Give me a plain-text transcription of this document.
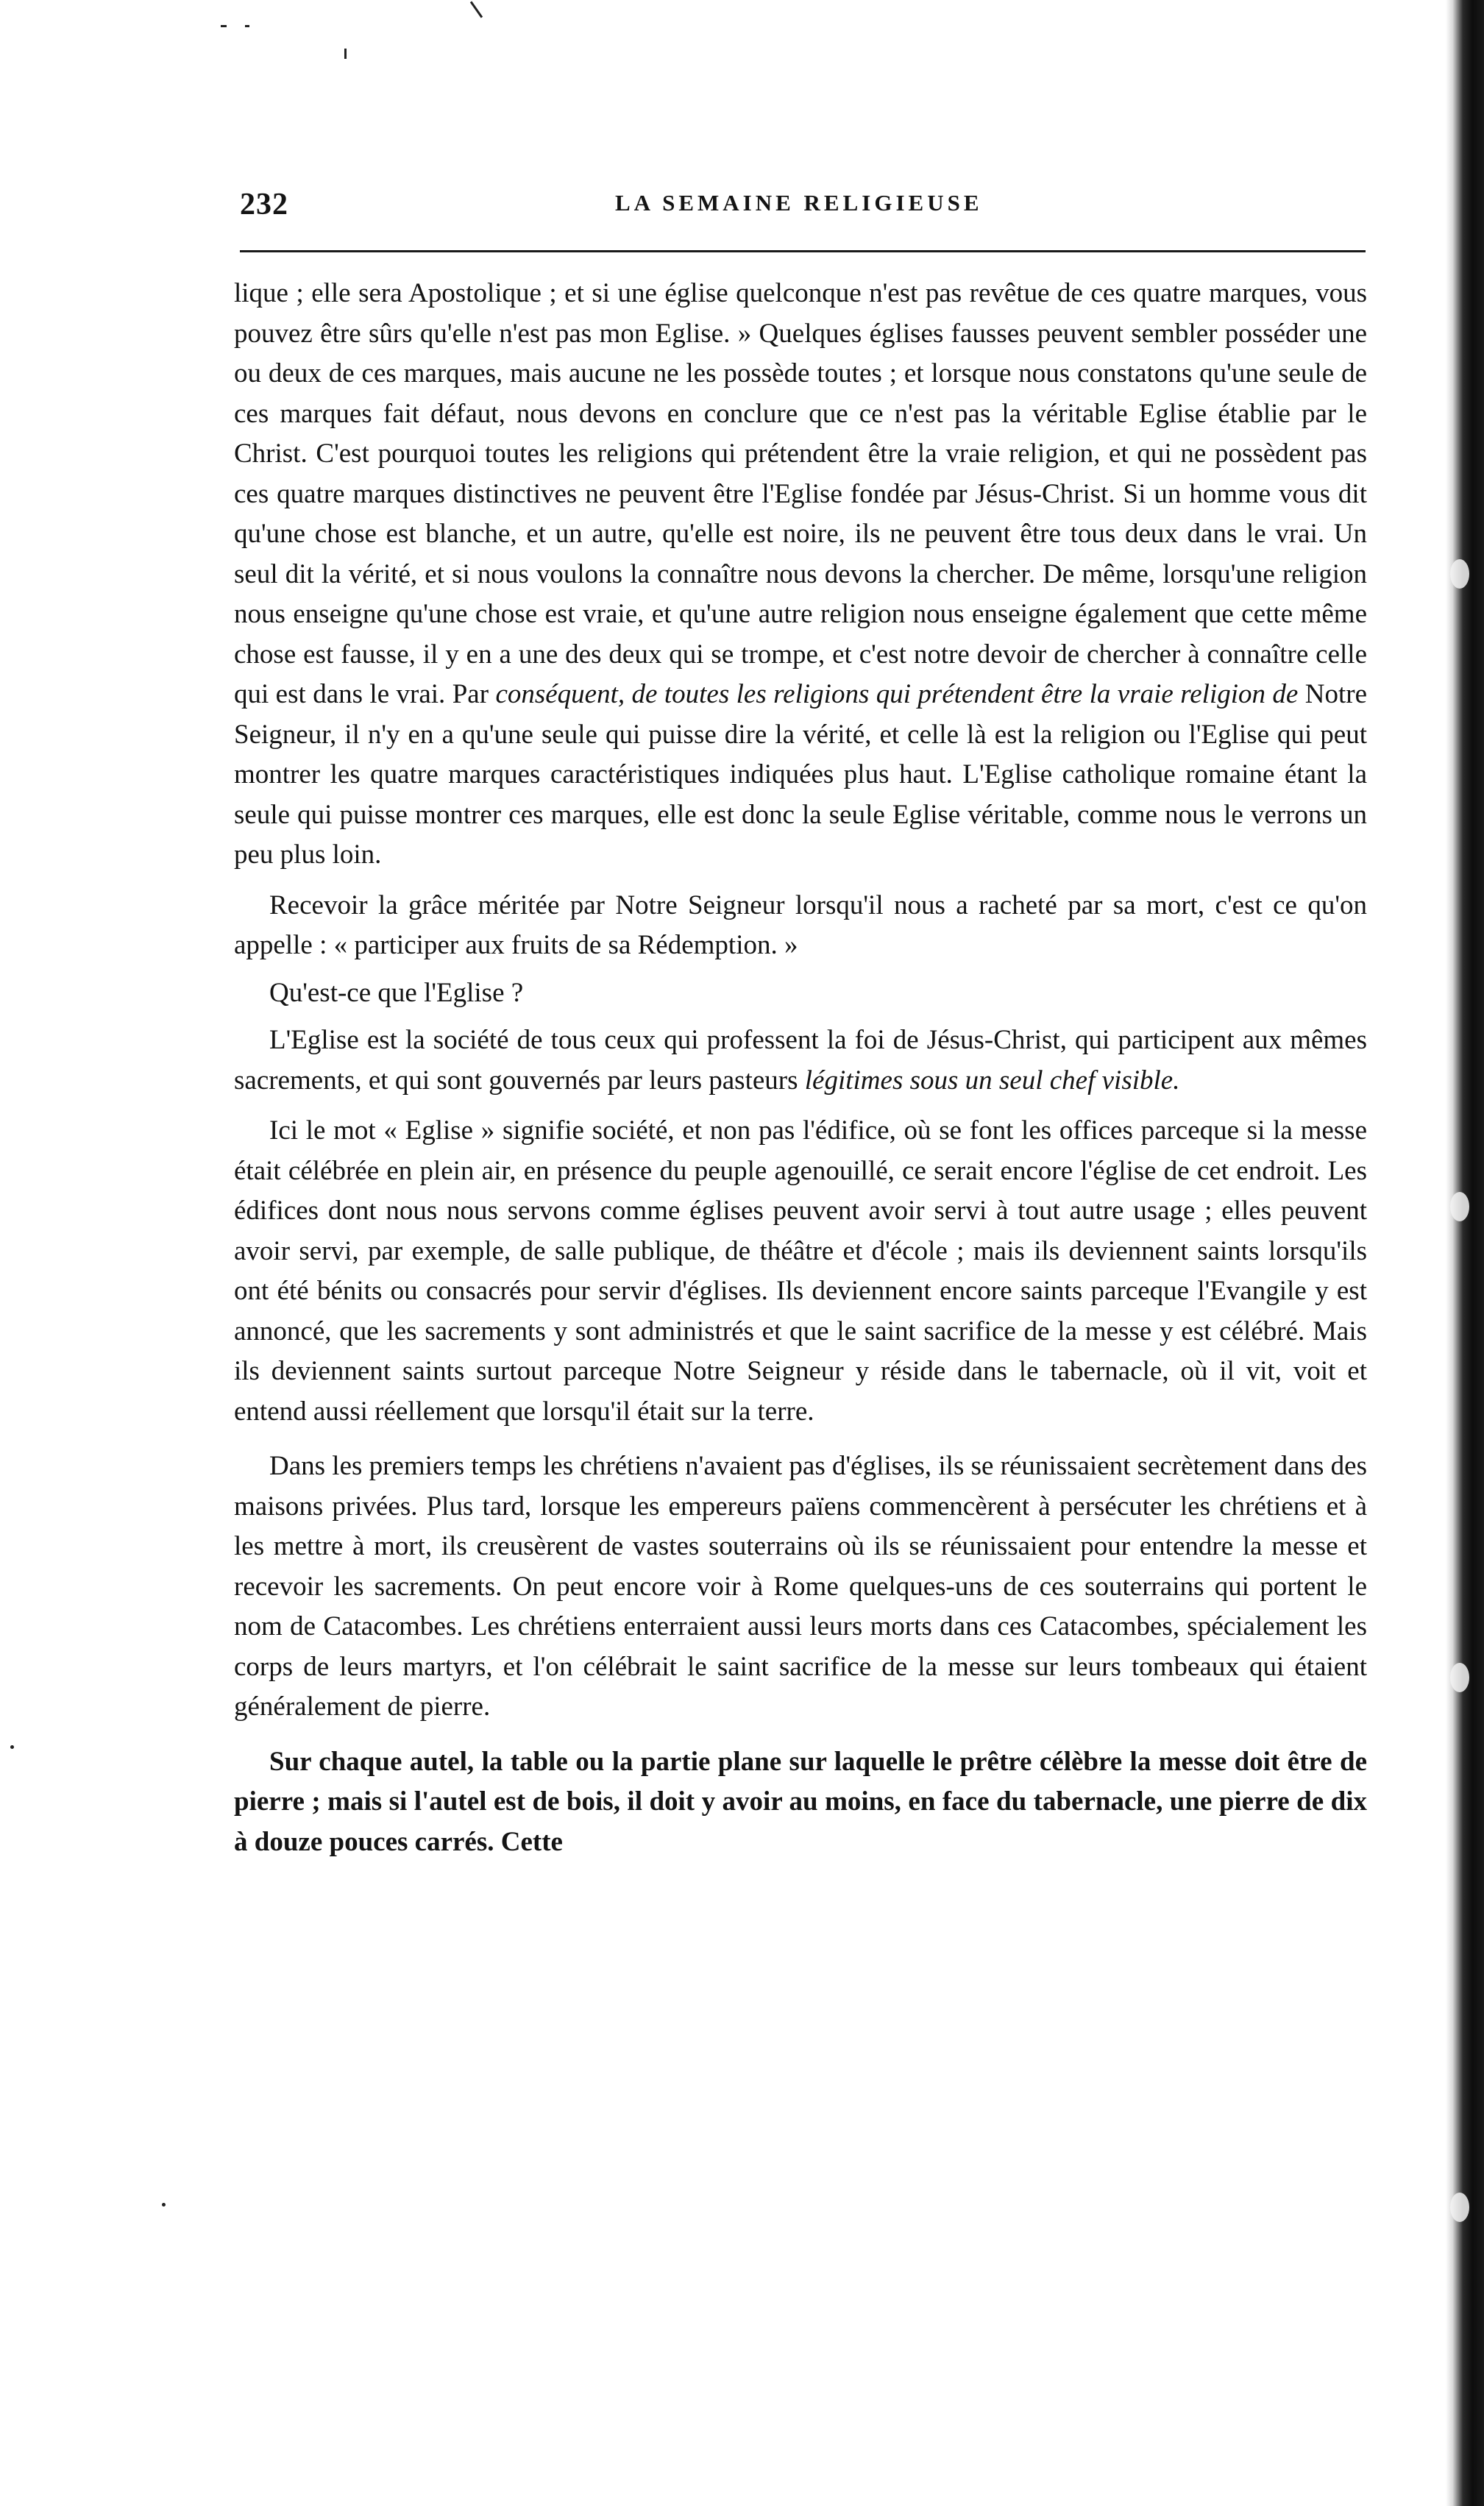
232	LA SEMAINE RELIGIEUSE

lique ; elle sera Apostolique ; et si une église quelconque n'est pas revêtue de ces quatre marques, vous pouvez être sûrs qu'elle n'est pas mon Eglise. » Quelques églises fausses peuvent sembler posséder une ou deux de ces marques, mais aucune ne les possède toutes ; et lorsque nous constatons qu'une seule de ces marques fait défaut, nous devons en conclure que ce n'est pas la véritable Eglise établie par le Christ. C'est pourquoi toutes les religions qui prétendent être la vraie religion, et qui ne possèdent pas ces quatre marques distinctives ne peuvent être l'Eglise fondée par Jésus-Christ. Si un homme vous dit qu'une chose est blanche, et un autre, qu'elle est noire, ils ne peuvent être tous deux dans le vrai. Un seul dit la vérité, et si nous voulons la connaître nous devons la chercher. De même, lorsqu'une religion nous enseigne qu'une chose est vraie, et qu'une autre religion nous enseigne également que cette même chose est fausse, il y en a une des deux qui se trompe, et c'est notre devoir de chercher à connaître celle qui est dans le vrai. Par conséquent, de toutes les religions qui prétendent être la vraie religion de Notre Seigneur, il n'y en a qu'une seule qui puisse dire la vérité, et celle là est la religion ou l'Eglise qui peut montrer les quatre marques caractéristiques indiquées plus haut. L'Eglise catholique romaine étant la seule qui puisse montrer ces marques, elle est donc la seule Eglise véritable, comme nous le verrons un peu plus loin.

Recevoir la grâce méritée par Notre Seigneur lorsqu'il nous a racheté par sa mort, c'est ce qu'on appelle : « participer aux fruits de sa Rédemption. »

Qu'est-ce que l'Eglise ?

L'Eglise est la société de tous ceux qui professent la foi de Jésus-Christ, qui participent aux mêmes sacrements, et qui sont gouvernés par leurs pasteurs légitimes sous un seul chef visible.

Ici le mot « Eglise » signifie société, et non pas l'édifice, où se font les offices parceque si la messe était célébrée en plein air, en présence du peuple agenouillé, ce serait encore l'église de cet endroit. Les édifices dont nous nous servons comme églises peuvent avoir servi à tout autre usage ; elles peuvent avoir servi, par exemple, de salle publique, de théâtre et d'école ; mais ils deviennent saints lorsqu'ils ont été bénits ou consacrés pour servir d'églises. Ils deviennent encore saints parceque l'Evangile y est annoncé, que les sacrements y sont administrés et que le saint sacrifice de la messe y est célébré. Mais ils deviennent saints surtout parceque Notre Seigneur y réside dans le tabernacle, où il vit, voit et entend aussi réellement que lorsqu'il était sur la terre.

Dans les premiers temps les chrétiens n'avaient pas d'églises, ils se réunissaient secrètement dans des maisons privées. Plus tard, lorsque les empereurs païens commencèrent à persécuter les chrétiens et à les mettre à mort, ils creusèrent de vastes souterrains où ils se réunissaient pour entendre la messe et recevoir les sacrements. On peut encore voir à Rome quelques-uns de ces souterrains qui portent le nom de Catacombes. Les chrétiens enterraient aussi leurs morts dans ces Catacombes, spécialement les corps de leurs martyrs, et l'on célébrait le saint sacrifice de la messe sur leurs tombeaux qui étaient généralement de pierre.

Sur chaque autel, la table ou la partie plane sur laquelle le prêtre célèbre la messe doit être de pierre ; mais si l'autel est de bois, il doit y avoir au moins, en face du tabernacle, une pierre de dix à douze pouces carrés. Cette
